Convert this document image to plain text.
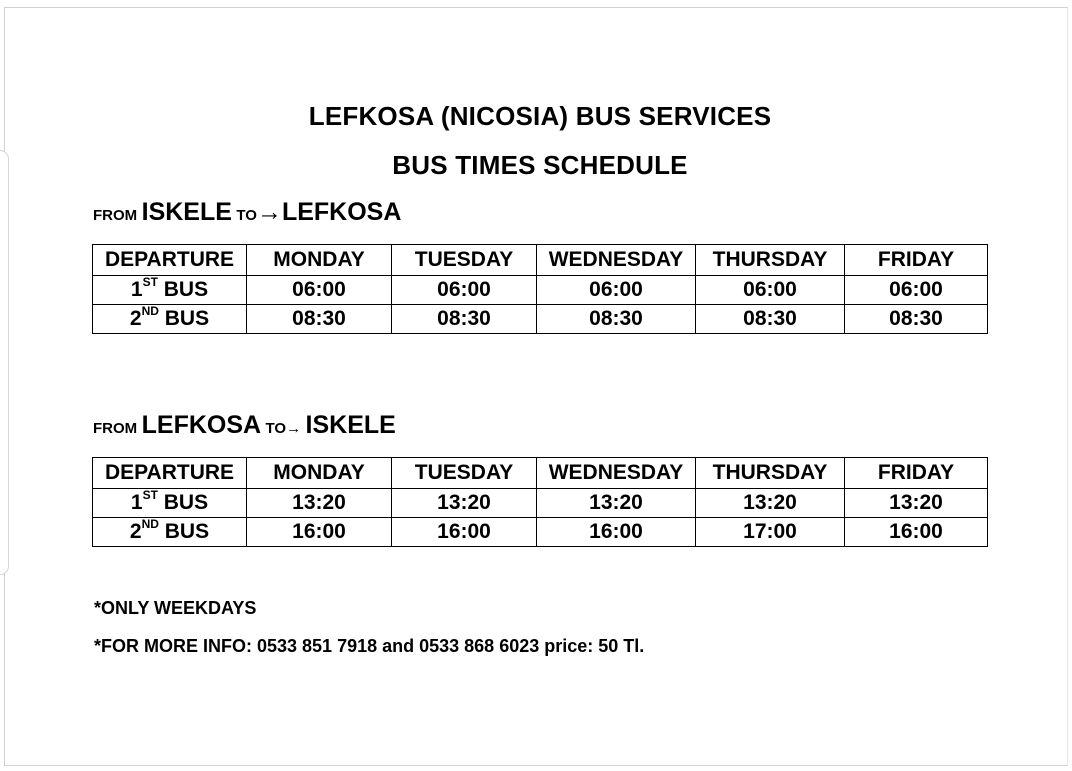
LEFKOSA (NICOSIA) BUS SERVICES
BUS TIMES SCHEDULE
FROM ISKELE TO→LEFKOSA
DEPARTURE	MONDAY	TUESDAY	WEDNESDAY	THURSDAY	FRIDAY
1ST BUS	06:00	06:00	06:00	06:00	06:00
2ND BUS	08:30	08:30	08:30	08:30	08:30
FROM LEFKOSA TO→ ISKELE
DEPARTURE	MONDAY	TUESDAY	WEDNESDAY	THURSDAY	FRIDAY
1ST BUS	13:20	13:20	13:20	13:20	13:20
2ND BUS	16:00	16:00	16:00	17:00	16:00
*ONLY WEEKDAYS
*FOR MORE INFO: 0533 851 7918 and 0533 868 6023 price: 50 Tl.
